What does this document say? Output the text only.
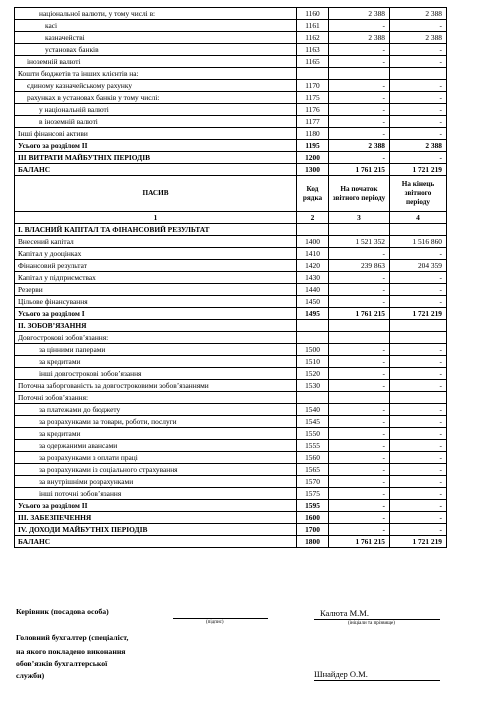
національної валюти, у тому числі в:	1160	2 388	2 388
касі	1161	-	-
казначействі	1162	2 388	2 388
установах банків	1163	-	-
іноземній валюті	1165	-	-
Кошти бюджетів та інших клієнтів на:			
єдиному казначейському рахунку	1170	-	-
рахунках в установах банків у тому числі:	1175	-	-
у національній валюті	1176	-	-
в іноземній валюті	1177	-	-
Інші фінансові активи	1180	-	-
Усього за розділом ІІ	1195	2 388	2 388
ІІІ ВИТРАТИ МАЙБУТНІХ ПЕРІОДІВ	1200	-	-
БАЛАНС	1300	1 761 215	1 721 219
ПАСИВ	Код рядка	На початок звітного періоду	На кінець звітного періоду
1	2	3	4
І. ВЛАСНИЙ КАПІТАЛ ТА ФІНАНСОВИЙ РЕЗУЛЬТАТ			
Внесений капітал	1400	1 521 352	1 516 860
Капітал у дооцінках	1410	-	-
Фінансовий результат	1420	239 863	204 359
Капітал у підприємствах	1430	-	-
Резерви	1440	-	-
Цільове фінансування	1450	-	-
Усього за розділом І	1495	1 761 215	1 721 219
ІІ. ЗОБОВ’ЯЗАННЯ			
Довгострокові зобов’язання:			
за цінними паперами	1500	-	-
за кредитами	1510	-	-
інші довгострокові зобов’язання	1520	-	-
Поточна заборгованість за довгостроковими зобов’язаннями	1530	-	-
Поточні зобов’язання:			
за платежами до бюджету	1540	-	-
за розрахунками за товари, роботи, послуги	1545	-	-
за кредитами	1550	-	-
за одержаними авансами	1555	-	-
за розрахунками з оплати праці	1560	-	-
за розрахунками із соціального страхування	1565	-	-
за внутрішніми розрахунками	1570	-	-
інші поточні зобов’язання	1575	-	-
Усього за розділом ІІ	1595	-	-
ІІІ. ЗАБЕЗПЕЧЕННЯ	1600	-	-
IV. ДОХОДИ МАЙБУТНІХ ПЕРІОДІВ	1700	-	-
БАЛАНС	1800	1 761 215	1 721 219
Керівник (посадова особа)
(підпис)
Калюта М.М.
(ініціали та прізвище)
Головний бухгалтер (спеціаліст,
на якого покладено виконання
обов’язків бухгалтерської
служби)	Шнайдер О.М.
